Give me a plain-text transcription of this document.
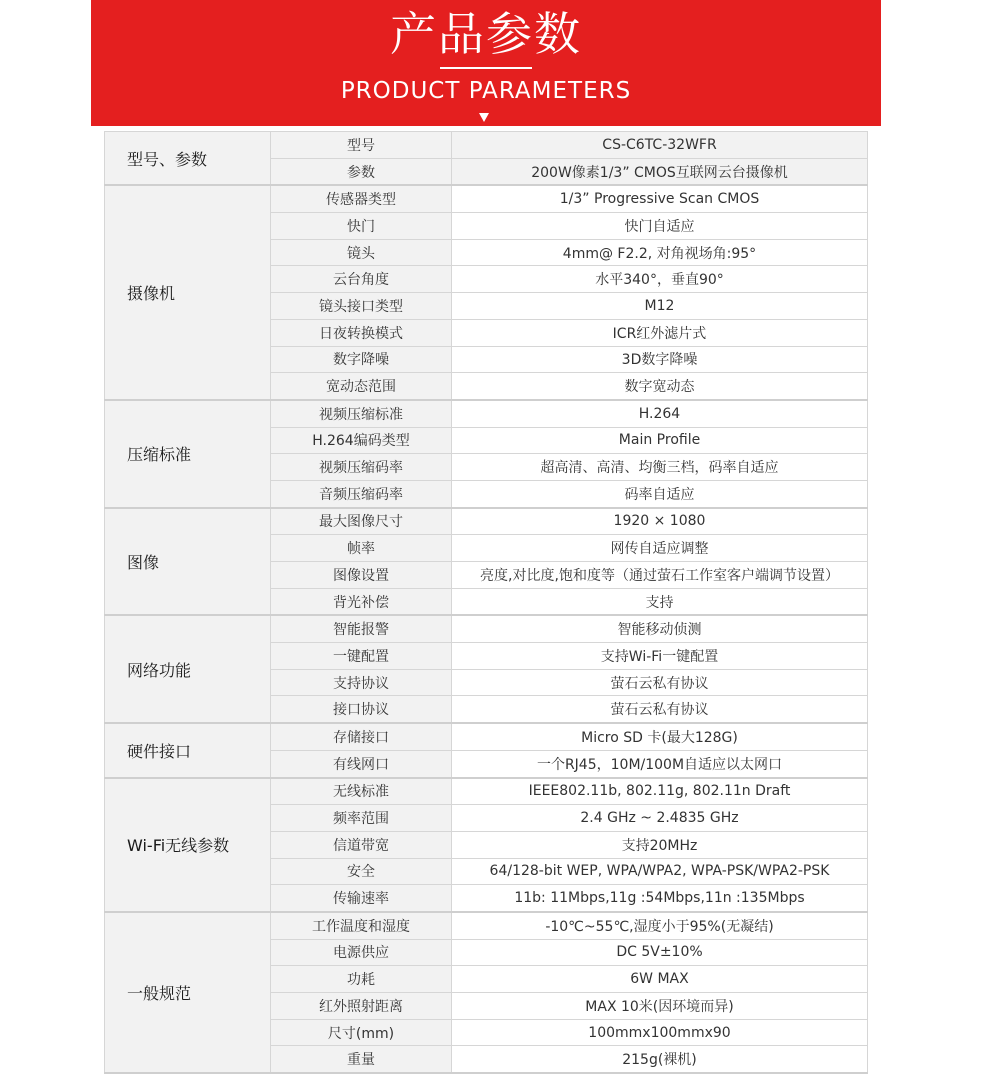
产品参数
PRODUCT PARAMETERS
型号、参数	型号	CS-C6TC-32WFR
	参数	200W像素1/3” CMOS互联网云台摄像机
摄像机	传感器类型	1/3” Progressive Scan CMOS
	快门	快门自适应
	镜头	4mm@ F2.2, 对角视场角:95°
	云台角度	水平340°，垂直90°
	镜头接口类型	M12
	日夜转换模式	ICR红外滤片式
	数字降噪	3D数字降噪
	宽动态范围	数字宽动态
压缩标准	视频压缩标准	H.264
	H.264编码类型	Main Profile
	视频压缩码率	超高清、高清、均衡三档，码率自适应
	音频压缩码率	码率自适应
图像	最大图像尺寸	1920 × 1080
	帧率	网传自适应调整
	图像设置	亮度,对比度,饱和度等（通过萤石工作室客户端调节设置）
	背光补偿	支持
网络功能	智能报警	智能移动侦测
	一键配置	支持Wi-Fi一键配置
	支持协议	萤石云私有协议
	接口协议	萤石云私有协议
硬件接口	存储接口	Micro SD 卡(最大128G)
	有线网口	一个RJ45，10M/100M自适应以太网口
Wi-Fi无线参数	无线标准	IEEE802.11b, 802.11g, 802.11n Draft
	频率范围	2.4 GHz ~ 2.4835 GHz
	信道带宽	支持20MHz
	安全	64/128-bit WEP, WPA/WPA2, WPA-PSK/WPA2-PSK
	传输速率	11b: 11Mbps,11g :54Mbps,11n :135Mbps
一般规范	工作温度和湿度	-10℃~55℃,湿度小于95%(无凝结)
	电源供应	DC 5V±10%
	功耗	6W MAX
	红外照射距离	MAX 10米(因环境而异)
	尺寸(mm)	100mmx100mmx90
	重量	215g(裸机)
